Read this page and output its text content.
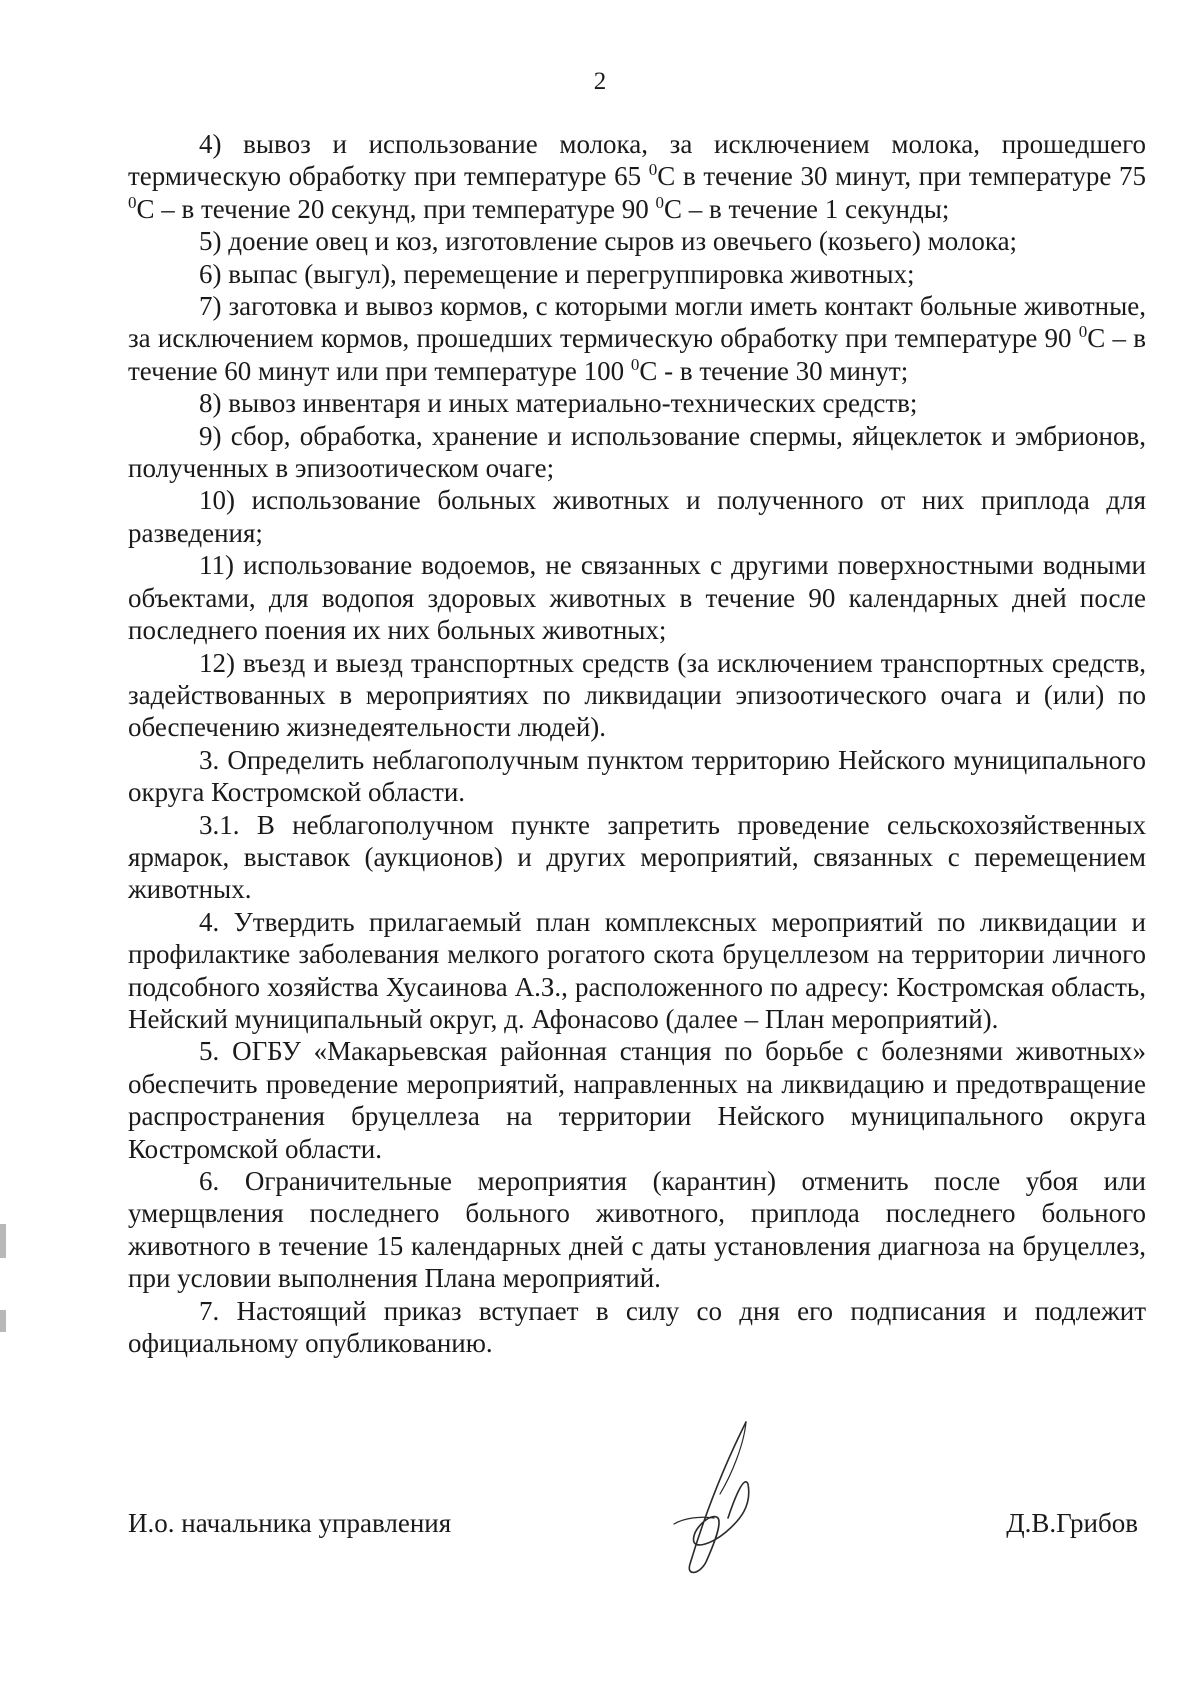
2

4) вывоз и использование молока, за исключением молока, прошедшего термическую обработку при температуре 65 $^0$С в течение 30 минут, при температуре 75 $^0$С – в течение 20 секунд, при температуре 90 $^0$С – в течение 1 секунды;

5) доение овец и коз, изготовление сыров из овечьего (козьего) молока;

6) выпас (выгул), перемещение и перегруппировка животных;

7) заготовка и вывоз кормов, с которыми могли иметь контакт больные животные, за исключением кормов, прошедших термическую обработку при температуре 90 $^0$С – в течение 60 минут или при температуре 100 $^0$С - в течение 30 минут;

8) вывоз инвентаря и иных материально-технических средств;

9) сбор, обработка, хранение и использование спермы, яйцеклеток и эмбрионов, полученных в эпизоотическом очаге;

10) использование больных животных и полученного от них приплода для разведения;

11) использование водоемов, не связанных с другими поверхностными водными объектами, для водопоя здоровых животных в течение 90 календарных дней после последнего поения их них больных животных;

12) въезд и выезд транспортных средств (за исключением транспортных средств, задействованных в мероприятиях по ликвидации эпизоотического очага и (или) по обеспечению жизнедеятельности людей).

3. Определить неблагополучным пунктом территорию Нейского муниципального округа Костромской области.

3.1. В неблагополучном пункте запретить проведение сельскохозяйственных ярмарок, выставок (аукционов) и других мероприятий, связанных с перемещением животных.

4. Утвердить прилагаемый план комплексных мероприятий по ликвидации и профилактике заболевания мелкого рогатого скота бруцеллезом на территории личного подсобного хозяйства Хусаинова А.З., расположенного по адресу: Костромская область, Нейский муниципальный округ, д. Афонасово (далее – План мероприятий).

5. ОГБУ «Макарьевская районная станция по борьбе с болезнями животных» обеспечить проведение мероприятий, направленных на ликвидацию и предотвращение распространения бруцеллеза на территории Нейского муниципального округа Костромской области.

6. Ограничительные мероприятия (карантин) отменить после убоя или умерщвления последнего больного животного, приплода последнего больного животного в течение 15 календарных дней с даты установления диагноза на бруцеллез, при условии выполнения Плана мероприятий.

7. Настоящий приказ вступает в силу со дня его подписания и подлежит официальному опубликованию.

И.о. начальника управления	Д.В.Грибов
